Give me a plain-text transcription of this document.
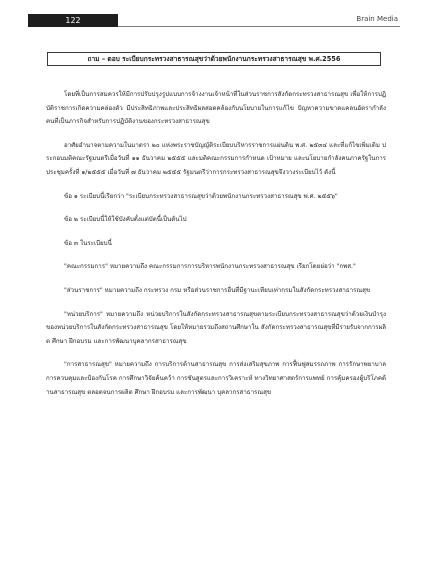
122	Brain Media
ถาม – ตอบ ระเบียบกระทรวงสาธารณสุขว่าด้วยพนักงานกระทรวงสาธารณสุข พ.ศ.2556

โดยที่เป็นการสมควรให้มีการปรับปรุงรูปแบบการจ้างงานเจ้าหน้าที่ในส่วนราชการสังกัดกระทรวงสาธารณสุข เพื่อให้การปฏิบัติราชการเกิดความคล่องตัว มีประสิทธิภาพและประสิทธิผลสอดคล้องกับนโยบายในการแก้ไข ปัญหาความขาดแคลนอัตรากำลังคนที่เป็นภารกิจสำหรับการปฏิบัติงานของกระทรวงสาธารณสุข

อาศัยอำนาจตามความในมาตรา ๒๐ แห่งพระราชบัญญัติระเบียบบริหารราชการแผ่นดิน พ.ศ. ๒๕๓๔ และที่แก้ไขเพิ่มเติม ประกอบมติคณะรัฐมนตรีเมื่อวันที่ ๑๑ ธันวาคม ๒๕๕๕ และมติคณะกรรมการกำหนด เป้าหมาย และนโยบายกำลังคนภาครัฐในการประชุมครั้งที่ ๑/๒๕๕๕ เมื่อวันที่ ๗ ธันวาคม ๒๕๕๕ รัฐมนตรีว่าการกระทรวงสาธารณสุขจึงวางระเบียบไว้ ดังนี้

ข้อ ๑ ระเบียบนี้เรียกว่า "ระเบียบกระทรวงสาธารณสุขว่าด้วยพนักงานกระทรวงสาธารณสุข พ.ศ. ๒๕๕๖"

ข้อ ๒ ระเบียบนี้ให้ใช้บังคับตั้งแต่บัดนี้เป็นต้นไป

ข้อ ๓ ในระเบียบนี้

"คณะกรรมการ" หมายความถึง คณะกรรมการการบริหารพนักงานกระทรวงสาธารณสุข เรียกโดยย่อว่า "กพส."

"ส่วนราชการ" หมายความถึง กระทรวง กรม หรือส่วนราชการอื่นที่มีฐานะเทียบเท่ากรมในสังกัดกระทรวงสาธารณสุข

"หน่วยบริการ" หมายความถึง หน่วยบริการในสังกัดกระทรวงสาธารณสุขตามระเบียบกระทรวงสาธารณสุขว่าด้วยเงินบำรุงของหน่วยบริการในสังกัดกระทรวงสาธารณสุข โดยให้หมายรวมถึงสถานศึกษาใน สังกัดกระทรวงสาธารณสุขที่มีรายรับจากการผลิต ศึกษา ฝึกอบรม และการพัฒนาบุคลากรสาธารณสุข

"การสาธารณสุข" หมายความถึง การบริการด้านสาธารณสุข การส่งเสริมสุขภาพ การฟื้นฟูสมรรถภาพ การรักษาพยาบาล การควบคุมและป้องกันโรค การศึกษาวิจัยค้นคว้า การชันสูตรและการวิเคราะห์ ทางวิทยาศาสตร์การแพทย์ การคุ้มครองผู้บริโภคด้านสาธารณสุข ตลอดจนการผลิต ศึกษา ฝึกอบรม และการพัฒนา บุคลากรสาธารณสุข
